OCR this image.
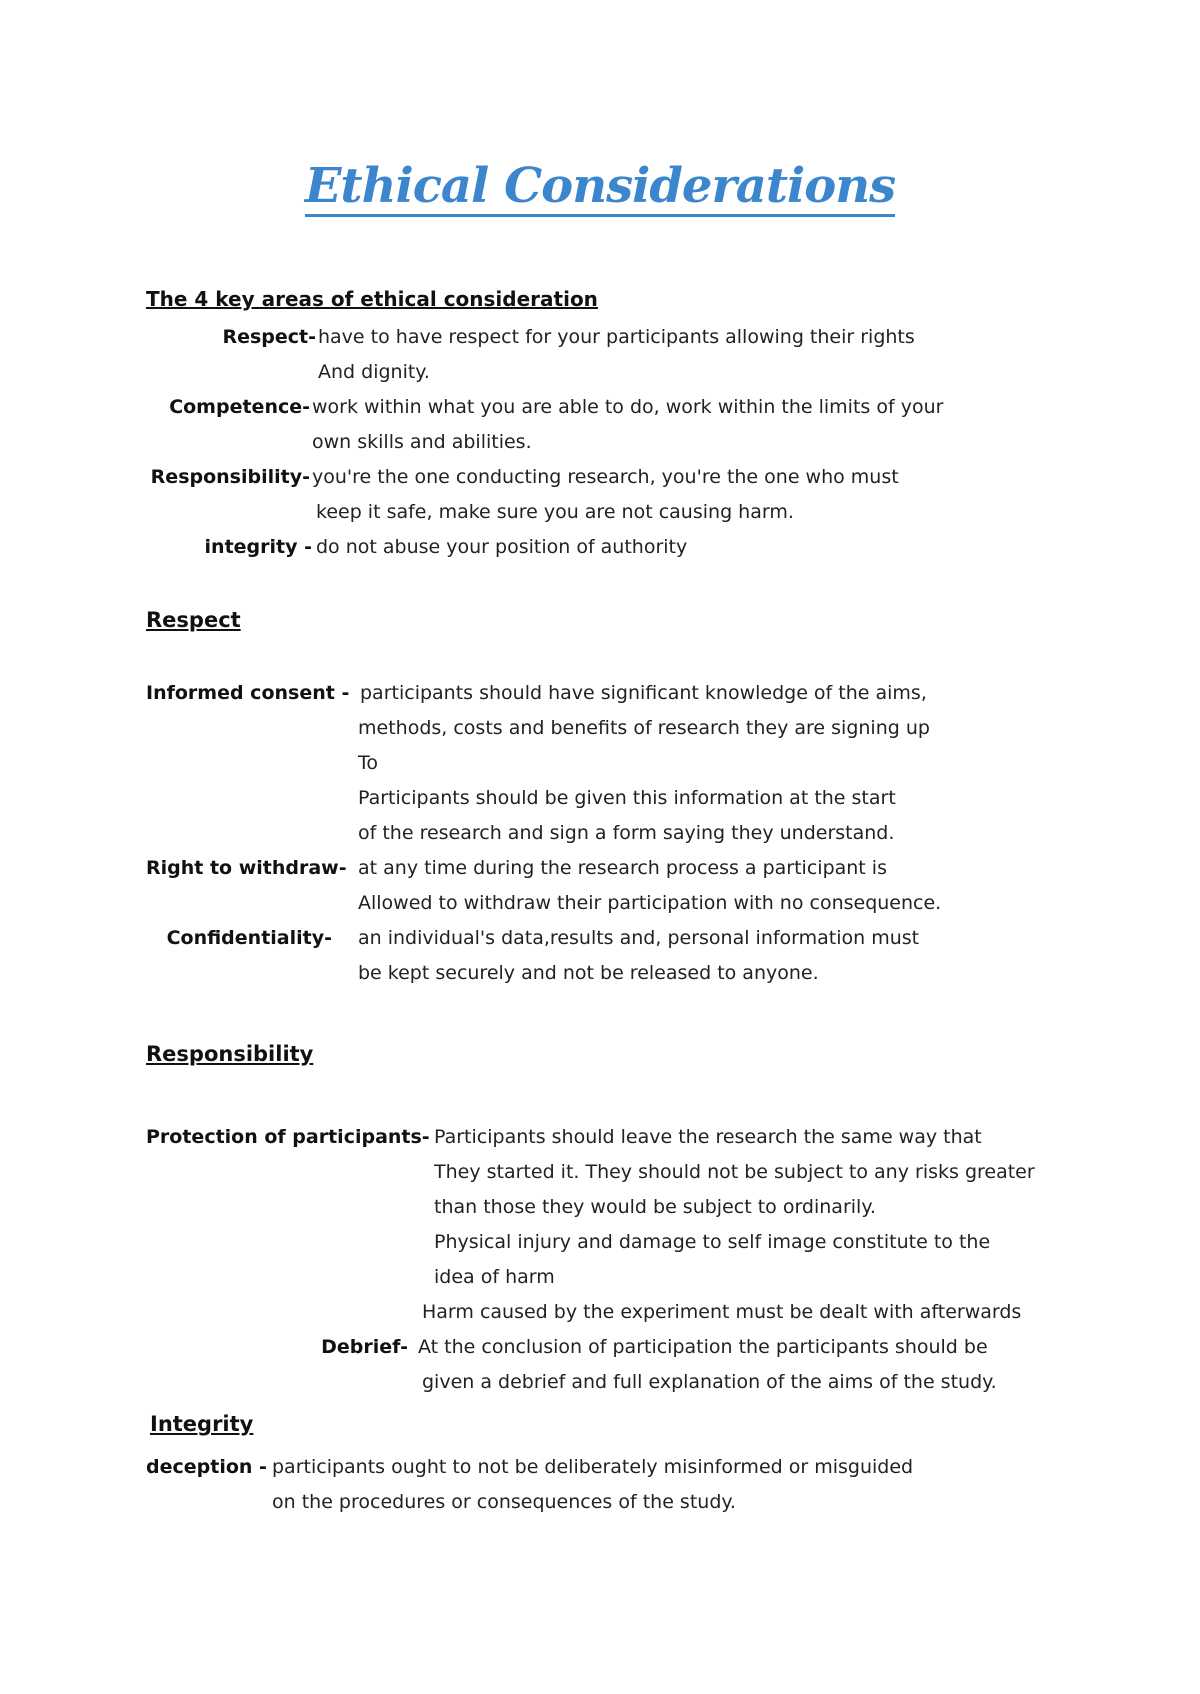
Ethical Considerations
The 4 key areas of ethical consideration
Respect- have to have respect for your participants allowing their rights
And dignity.
Competence- work within what you are able to do, work within the limits of your
own skills and abilities.
Responsibility- you're the one conducting research, you're the one who must
keep it safe, make sure you are not causing harm.
integrity - do not abuse your position of authority
Respect
Informed consent - participants should have significant knowledge of the aims,
methods, costs and benefits of research they are signing up
To
Participants should be given this information at the start
of the research and sign a form saying they understand.
Right to withdraw- at any time during the research process a participant is
Allowed to withdraw their participation with no consequence.
Confidentiality- an individual's data,results and, personal information must
be kept securely and not be released to anyone.
Responsibility
Protection of participants- Participants should leave the research the same way that
They started it. They should not be subject to any risks greater
than those they would be subject to ordinarily.
Physical injury and damage to self image constitute to the
idea of harm
Harm caused by the experiment must be dealt with afterwards
Debrief- At the conclusion of participation the participants should be
given a debrief and full explanation of the aims of the study.
Integrity
deception - participants ought to not be deliberately misinformed or misguided
on the procedures or consequences of the study.
